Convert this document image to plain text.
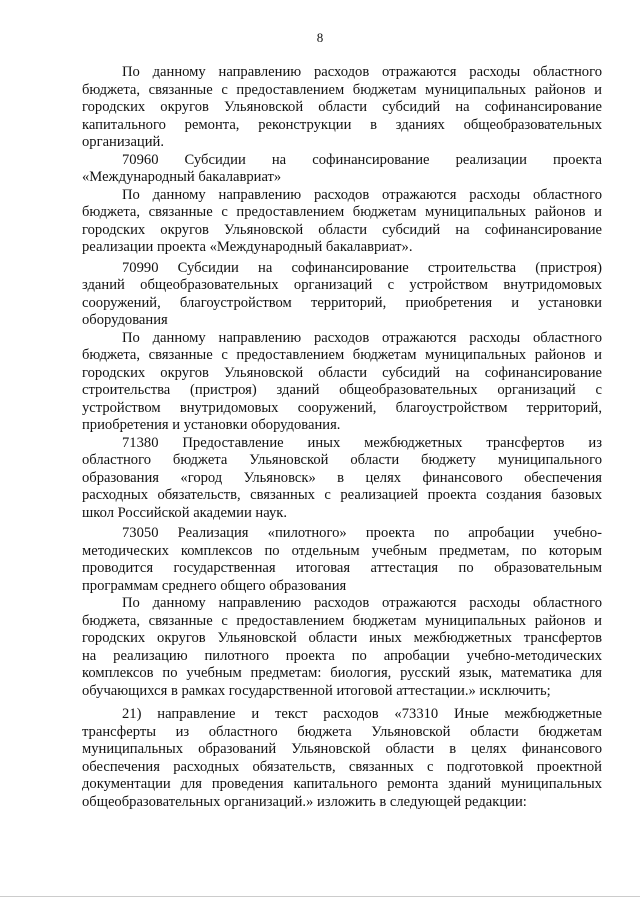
8
По данному направлению расходов отражаются расходы областного
бюджета, связанные с предоставлением бюджетам муниципальных районов и
городских округов Ульяновской области субсидий на софинансирование
капитального ремонта, реконструкции в зданиях общеобразовательных
организаций.
70960 Субсидии на софинансирование реализации проекта
«Международный бакалавриат»
По данному направлению расходов отражаются расходы областного
бюджета, связанные с предоставлением бюджетам муниципальных районов и
городских округов Ульяновской области субсидий на софинансирование
реализации проекта «Международный бакалавриат».
70990 Субсидии на софинансирование строительства (пристроя)
зданий общеобразовательных организаций с устройством внутридомовых
сооружений, благоустройством территорий, приобретения и установки
оборудования
По данному направлению расходов отражаются расходы областного
бюджета, связанные с предоставлением бюджетам муниципальных районов и
городских округов Ульяновской области субсидий на софинансирование
строительства (пристроя) зданий общеобразовательных организаций с
устройством внутридомовых сооружений, благоустройством территорий,
приобретения и установки оборудования.
71380 Предоставление иных межбюджетных трансфертов из
областного бюджета Ульяновской области бюджету муниципального
образования «город Ульяновск» в целях финансового обеспечения
расходных обязательств, связанных с реализацией проекта создания базовых
школ Российской академии наук.
73050 Реализация «пилотного» проекта по апробации учебно-
методических комплексов по отдельным учебным предметам, по которым
проводится государственная итоговая аттестация по образовательным
программам среднего общего образования
По данному направлению расходов отражаются расходы областного
бюджета, связанные с предоставлением бюджетам муниципальных районов и
городских округов Ульяновской области иных межбюджетных трансфертов
на реализацию пилотного проекта по апробации учебно-методических
комплексов по учебным предметам: биология, русский язык, математика для
обучающихся в рамках государственной итоговой аттестации.» исключить;
21) направление и текст расходов «73310 Иные межбюджетные
трансферты из областного бюджета Ульяновской области бюджетам
муниципальных образований Ульяновской области в целях финансового
обеспечения расходных обязательств, связанных с подготовкой проектной
документации для проведения капитального ремонта зданий муниципальных
общеобразовательных организаций.» изложить в следующей редакции:
